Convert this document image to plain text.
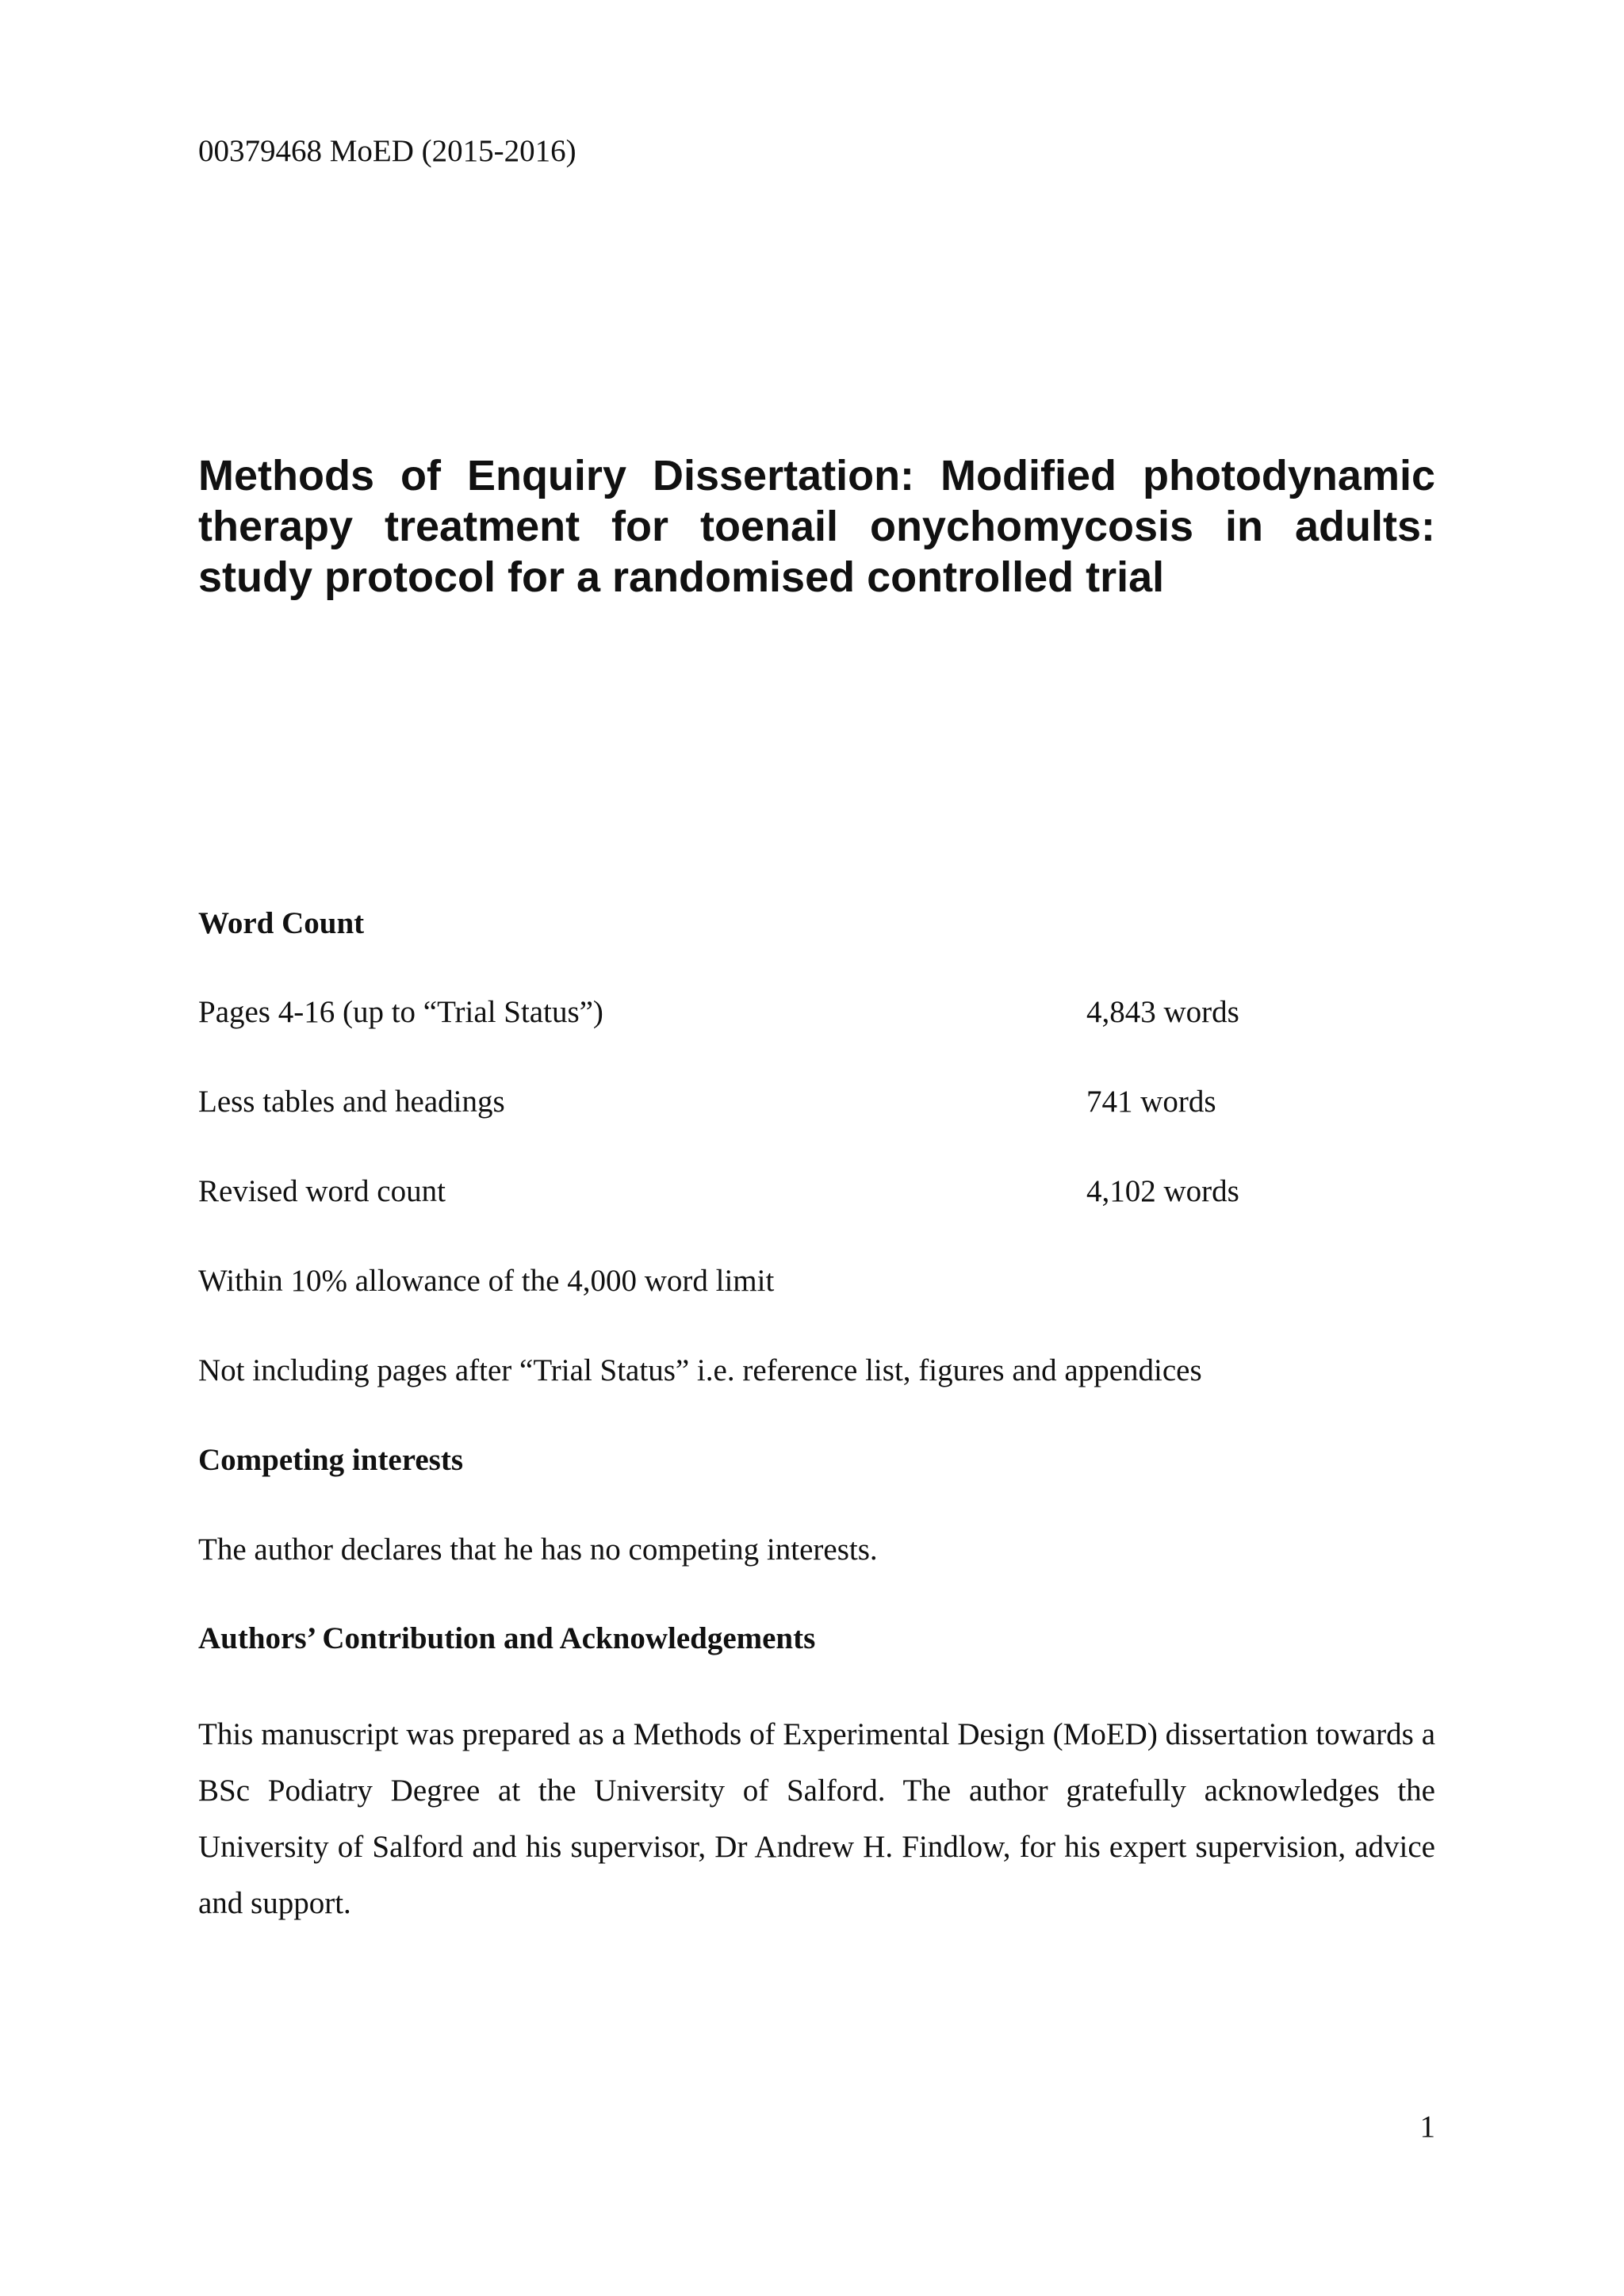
00379468 MoED (2015-2016)
Methods of Enquiry Dissertation: Modified photodynamic therapy treatment for toenail onychomycosis in adults: study protocol for a randomised controlled trial
Word Count
Pages 4-16 (up to “Trial Status”)	4,843 words
Less tables and headings	741 words
Revised word count	4,102 words
Within 10% allowance of the 4,000 word limit
Not including pages after “Trial Status” i.e. reference list, figures and appendices
Competing interests
The author declares that he has no competing interests.
Authors’ Contribution and Acknowledgements

This manuscript was prepared as a Methods of Experimental Design (MoED) dissertation towards a BSc Podiatry Degree at the University of Salford. The author gratefully acknowledges the University of Salford and his supervisor, Dr Andrew H. Findlow, for his expert supervision, advice and support.

1
